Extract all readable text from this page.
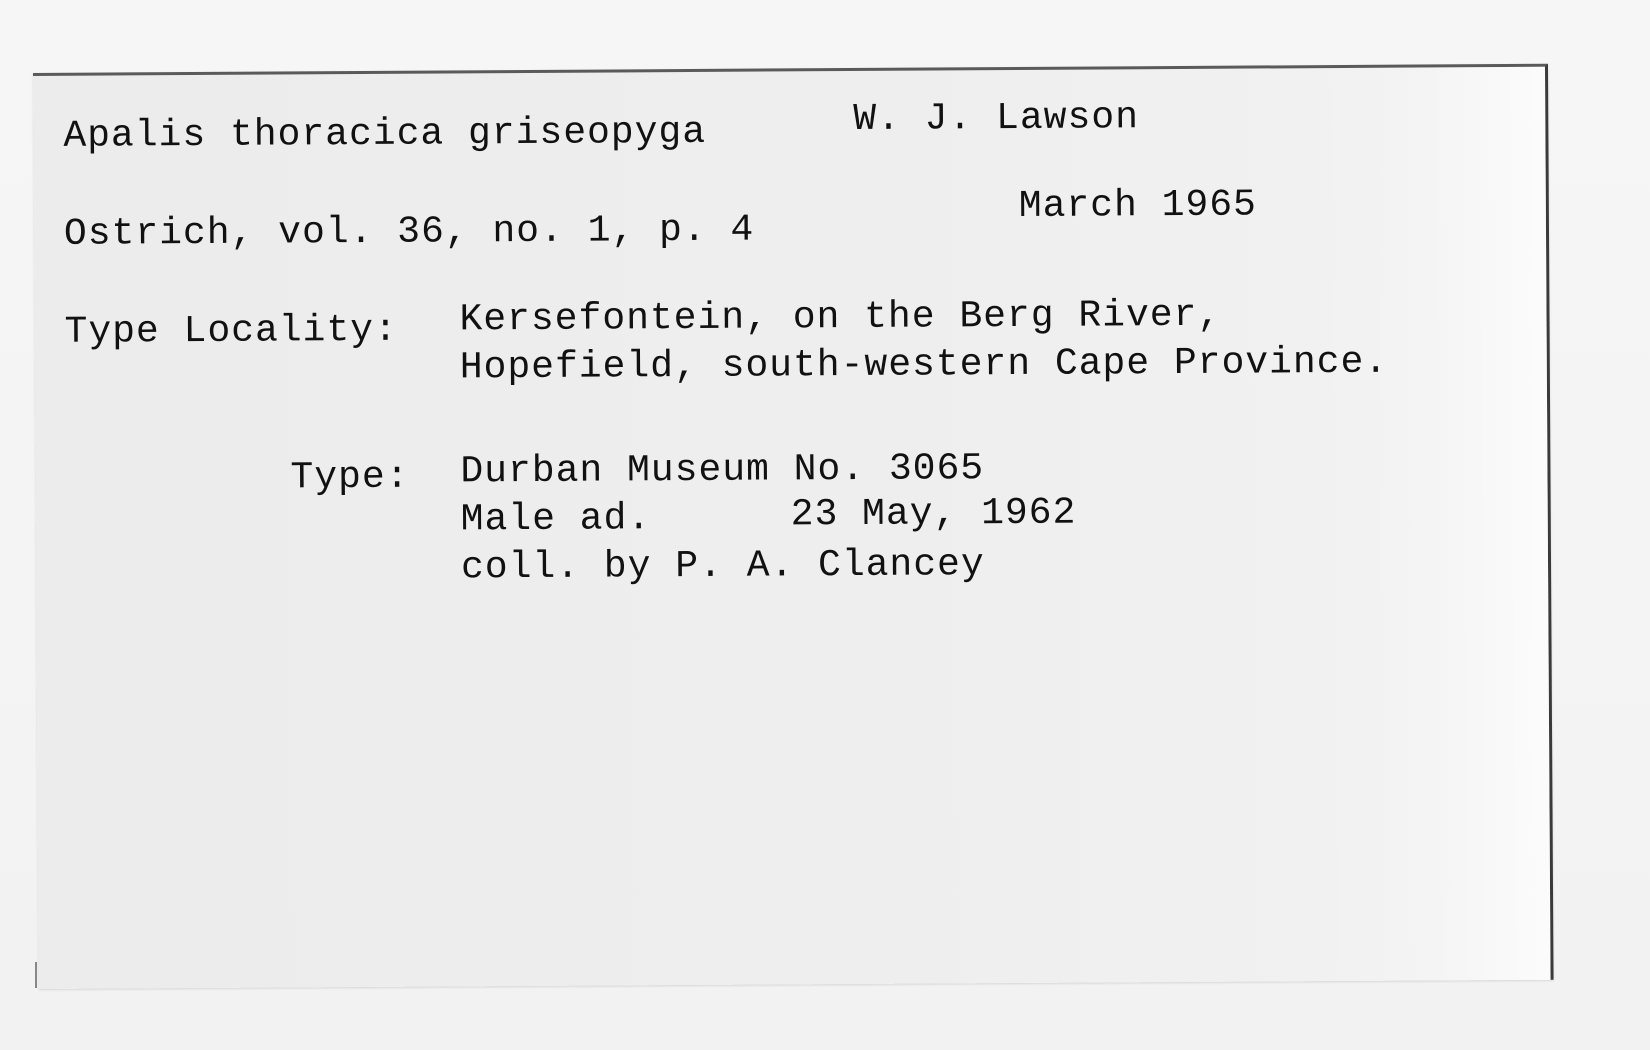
Apalis thoracica griseopyga	W. J. Lawson
Ostrich, vol. 36, no. 1, p. 4
March 1965
Type Locality: Kersefontein, on the Berg River,
Hopefield, south-western Cape Province.
Type: Durban Museum No. 3065
Male ad.	23 May, 1962
coll. by P. A. Clancey
